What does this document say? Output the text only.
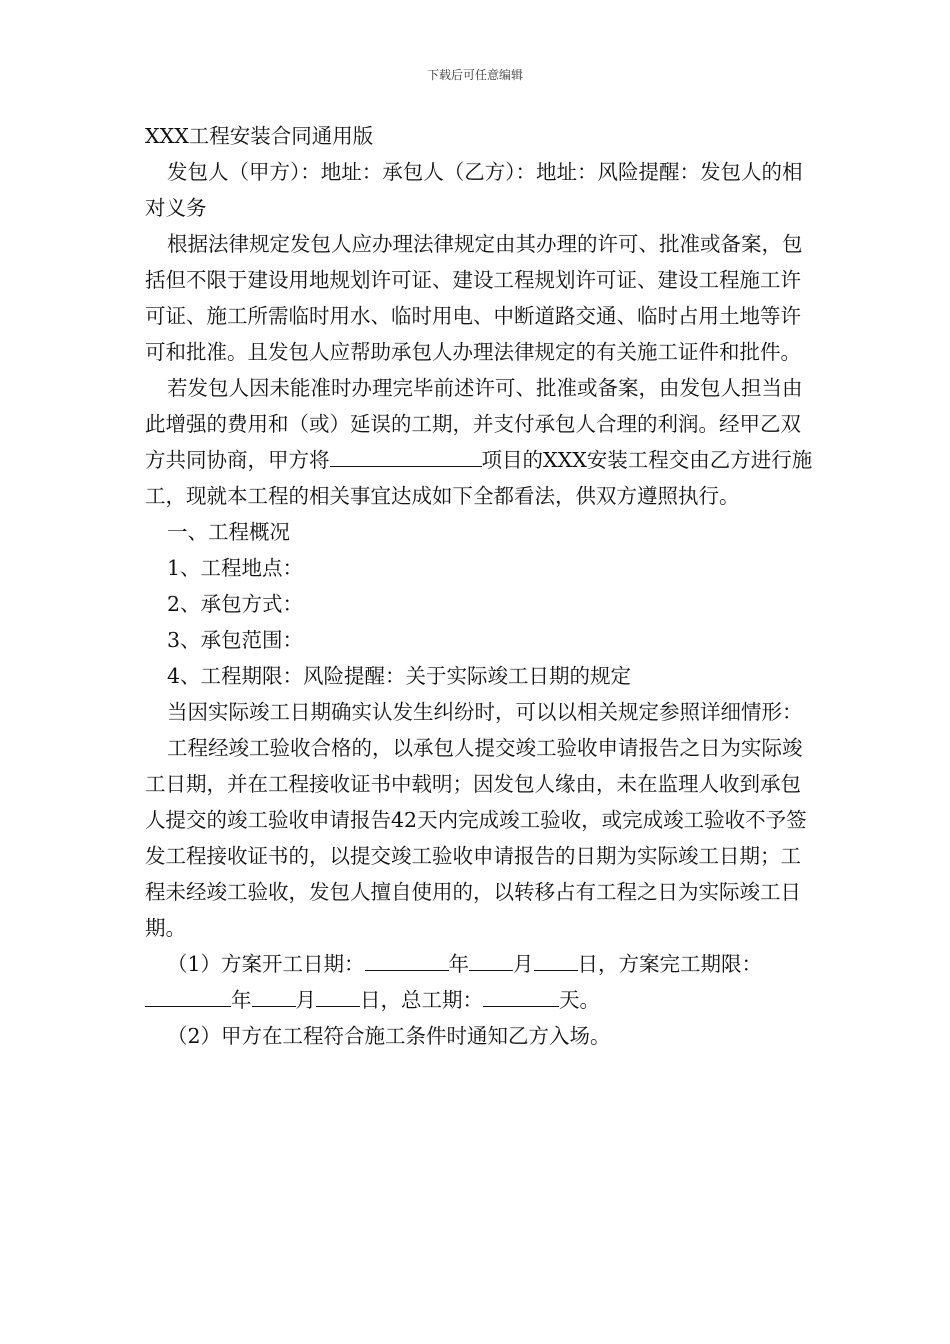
下载后可任意编辑

XXX工程安装合同通用版

发包人（甲方）：地址：承包人（乙方）：地址：风险提醒：发包人的相对义务

根据法律规定发包人应办理法律规定由其办理的许可、批准或备案，包括但不限于建设用地规划许可证、建设工程规划许可证、建设工程施工许可证、施工所需临时用水、临时用电、中断道路交通、临时占用土地等许可和批准。且发包人应帮助承包人办理法律规定的有关施工证件和批件。

若发包人因未能准时办理完毕前述许可、批准或备案，由发包人担当由此增强的费用和（或）延误的工期，并支付承包人合理的利润。经甲乙双方共同协商，甲方将	项目的XXX安装工程交由乙方进行施工，现就本工程的相关事宜达成如下全都看法，供双方遵照执行。

一、工程概况

1、工程地点：

2、承包方式：

3、承包范围：

4、工程期限：风险提醒：关于实际竣工日期的规定

当因实际竣工日期确实认发生纠纷时，可以以相关规定参照详细情形：

工程经竣工验收合格的，以承包人提交竣工验收申请报告之日为实际竣工日期，并在工程接收证书中载明；因发包人缘由，未在监理人收到承包人提交的竣工验收申请报告42天内完成竣工验收，或完成竣工验收不予签发工程接收证书的，以提交竣工验收申请报告的日期为实际竣工日期；工程未经竣工验收，发包人擅自使用的，以转移占有工程之日为实际竣工日期。

（1）方案开工日期：	年 月 日，方案完工期限：年 月 日，总工期：	天。

（2）甲方在工程符合施工条件时通知乙方入场。
